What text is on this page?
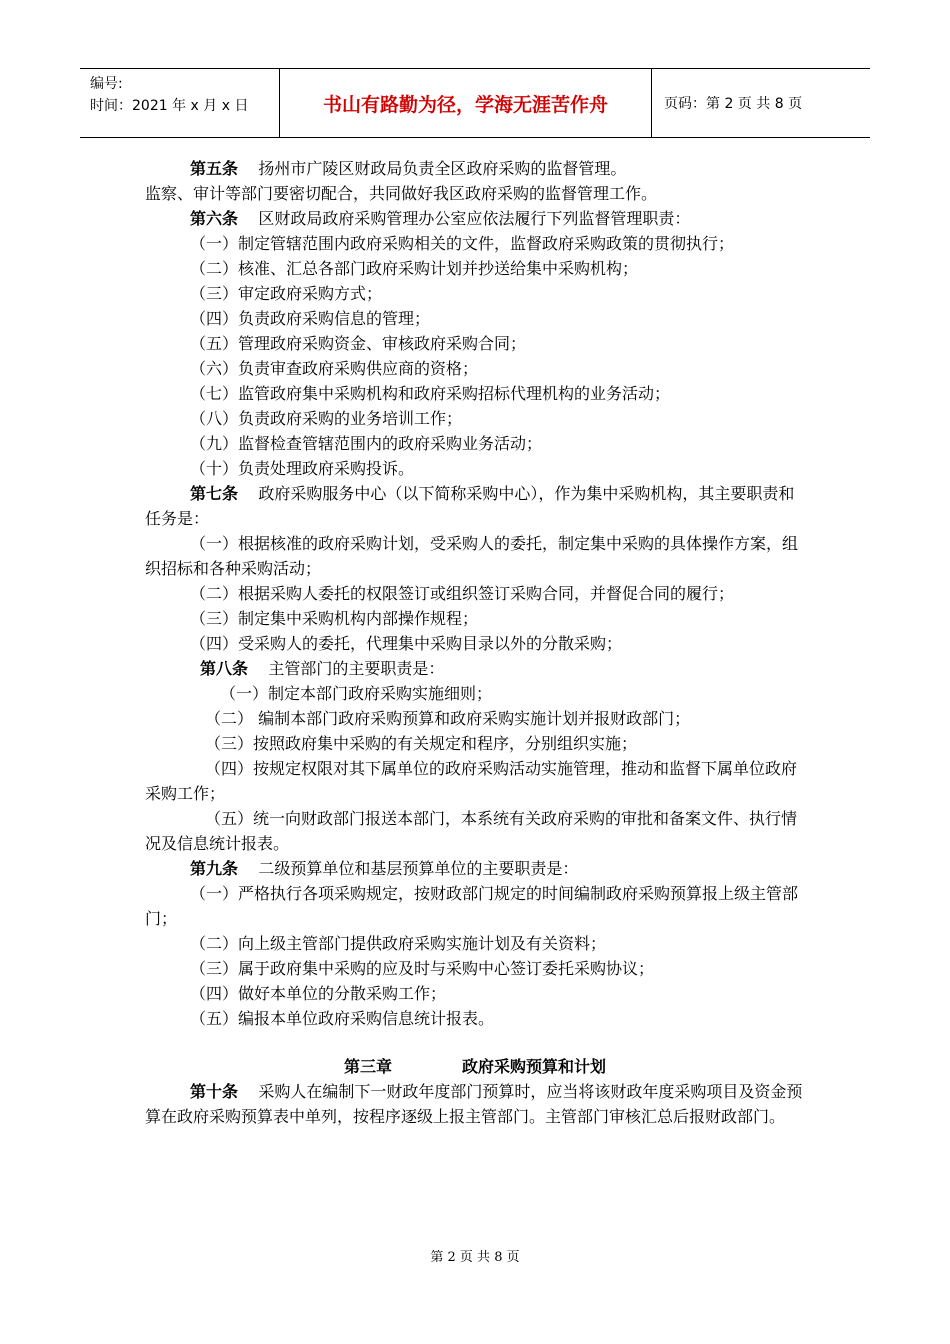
编号:
时间：2021 年 x 月 x 日	书山有路勤为径，学海无涯苦作舟	页码：第 2 页 共 8 页

第五条 扬州市广陵区财政局负责全区政府采购的监督管理。

监察、审计等部门要密切配合，共同做好我区政府采购的监督管理工作。

第六条 区财政局政府采购管理办公室应依法履行下列监督管理职责：

（一）制定管辖范围内政府采购相关的文件，监督政府采购政策的贯彻执行；

（二）核准、汇总各部门政府采购计划并抄送给集中采购机构；

（三）审定政府采购方式；

（四）负责政府采购信息的管理；

（五）管理政府采购资金、审核政府采购合同；

（六）负责审查政府采购供应商的资格；

（七）监管政府集中采购机构和政府采购招标代理机构的业务活动；

（八）负责政府采购的业务培训工作；

（九）监督检查管辖范围内的政府采购业务活动；

（十）负责处理政府采购投诉。

第七条 政府采购服务中心（以下简称采购中心），作为集中采购机构，其主要职责和任务是：

（一）根据核准的政府采购计划，受采购人的委托，制定集中采购的具体操作方案，组织招标和各种采购活动；

（二）根据采购人委托的权限签订或组织签订采购合同，并督促合同的履行；

（三）制定集中采购机构内部操作规程；

（四）受采购人的委托，代理集中采购目录以外的分散采购；

第八条 主管部门的主要职责是：

（一）制定本部门政府采购实施细则；

（二） 编制本部门政府采购预算和政府采购实施计划并报财政部门；

（三）按照政府集中采购的有关规定和程序，分别组织实施；

（四）按规定权限对其下属单位的政府采购活动实施管理，推动和监督下属单位政府采购工作；

（五）统一向财政部门报送本部门，本系统有关政府采购的审批和备案文件、执行情况及信息统计报表。

第九条 二级预算单位和基层预算单位的主要职责是：

（一）严格执行各项采购规定，按财政部门规定的时间编制政府采购预算报上级主管部门；

（二）向上级主管部门提供政府采购实施计划及有关资料；

（三）属于政府集中采购的应及时与采购中心签订委托采购协议；

（四）做好本单位的分散采购工作；

（五）编报本单位政府采购信息统计报表。

第三章	政府采购预算和计划

第十条 采购人在编制下一财政年度部门预算时，应当将该财政年度采购项目及资金预算在政府采购预算表中单列，按程序逐级上报主管部门。主管部门审核汇总后报财政部门。

第 2 页 共 8 页
